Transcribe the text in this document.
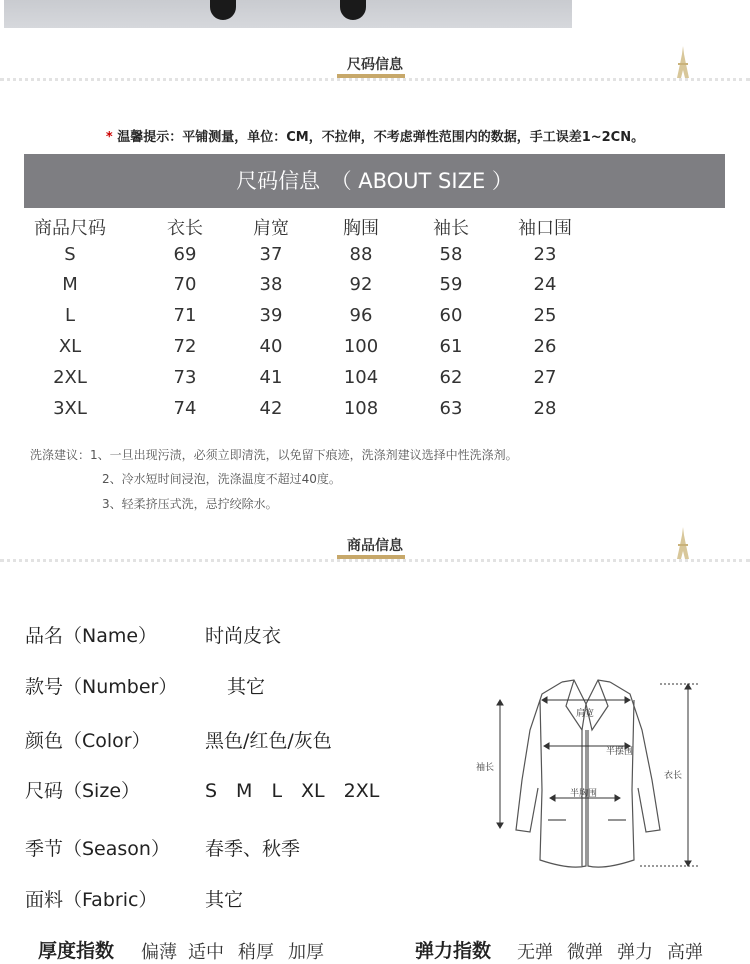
尺码信息
* 温馨提示：平铺测量，单位：CM，不拉伸，不考虑弹性范围内的数据，手工误差1~2CN。
尺码信息　（ ABOUT SIZE ）
商品尺码	衣长	肩宽	胸围	袖长	袖口围
S	69	37	88	58	23
M	70	38	92	59	24
L	71	39	96	60	25
XL	72	40	100	61	26
2XL	73	41	104	62	27
3XL	74	42	108	63	28
洗涤建议：1、一旦出现污渍，必须立即清洗，以免留下痕迹，洗涤剂建议选择中性洗涤剂。
2、冷水短时间浸泡，洗涤温度不超过40度。
3、轻柔挤压式洗，忌拧绞除水。
商品信息
品名（Name）	时尚皮衣
款号（Number）	其它
颜色（Color）	黑色/红色/灰色
尺码（Size）	S　M　L　XL　2XL
季节（Season） 春季、秋季
面料（Fabric）	其它
肩宽
半摆围
半胸围
袖长
衣长
厚度指数 偏薄 适中 稍厚 加厚	弹力指数 无弹 微弹 弹力 高弹
